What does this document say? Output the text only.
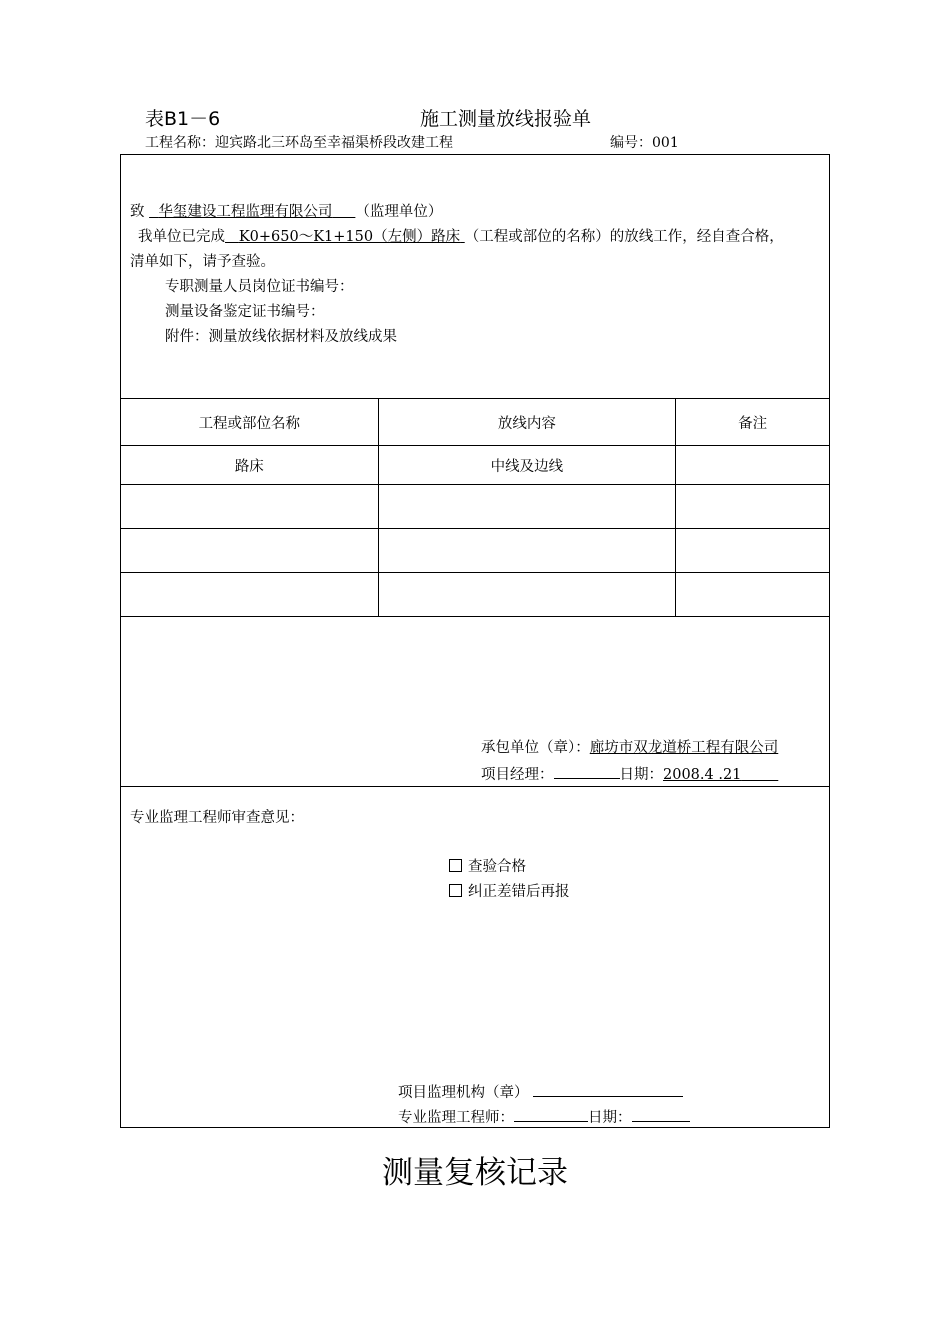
表B1－6	施工测量放线报验单
工程名称：迎宾路北三环岛至幸福渠桥段改建工程	编号：001
致 华玺建设工程监理有限公司 （监理单位）
我单位已完成 K0+650～K1+150（左侧）路床 （工程或部位的名称）的放线工作，经自查合格，
清单如下，请予查验。
专职测量人员岗位证书编号：
测量设备鉴定证书编号：
附件：测量放线依据材料及放线成果
工程或部位名称	放线内容	备注
路床	中线及边线	

承包单位（章）：廊坊市双龙道桥工程有限公司
项目经理：	日期：2008.4 .21
专业监理工程师审查意见：
查验合格
纠正差错后再报
项目监理机构（章）
专业监理工程师：	日期：
测量复核记录
